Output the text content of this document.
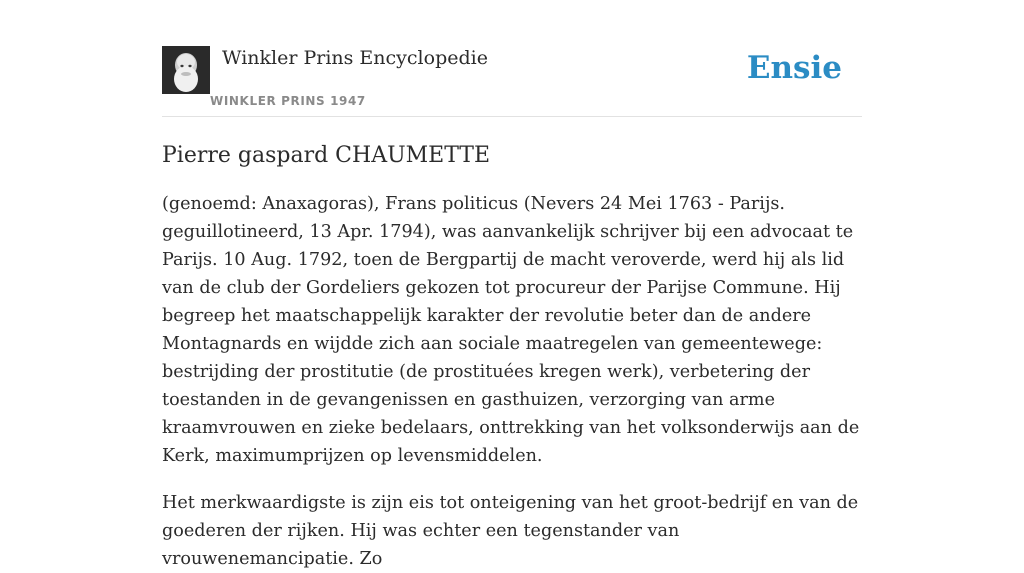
Winkler Prins Encyclopedie
WINKLER PRINS 1947
Ensie
Pierre gaspard CHAUMETTE

(genoemd: Anaxagoras), Frans politicus (Nevers 24 Mei 1763 - Parijs. geguillotineerd, 13 Apr. 1794), was aanvankelijk schrijver bij een advocaat te Parijs. 10 Aug. 1792, toen de Bergpartij de macht veroverde, werd hij als lid van de club der Gordeliers gekozen tot procureur der Parijse Commune. Hij begreep het maatschappelijk karakter der revolutie beter dan de andere Montagnards en wijdde zich aan sociale maatregelen van gemeentewege: bestrijding der prostitutie (de prostituées kregen werk), verbetering der toestanden in de gevangenissen en gasthuizen, verzorging van arme kraamvrouwen en zieke bedelaars, onttrekking van het volksonderwijs aan de Kerk, maximumprijzen op levensmiddelen.

Het merkwaardigste is zijn eis tot onteigening van het groot-bedrijf en van de goederen der rijken. Hij was echter een tegenstander van vrouwenemancipatie. Zo
